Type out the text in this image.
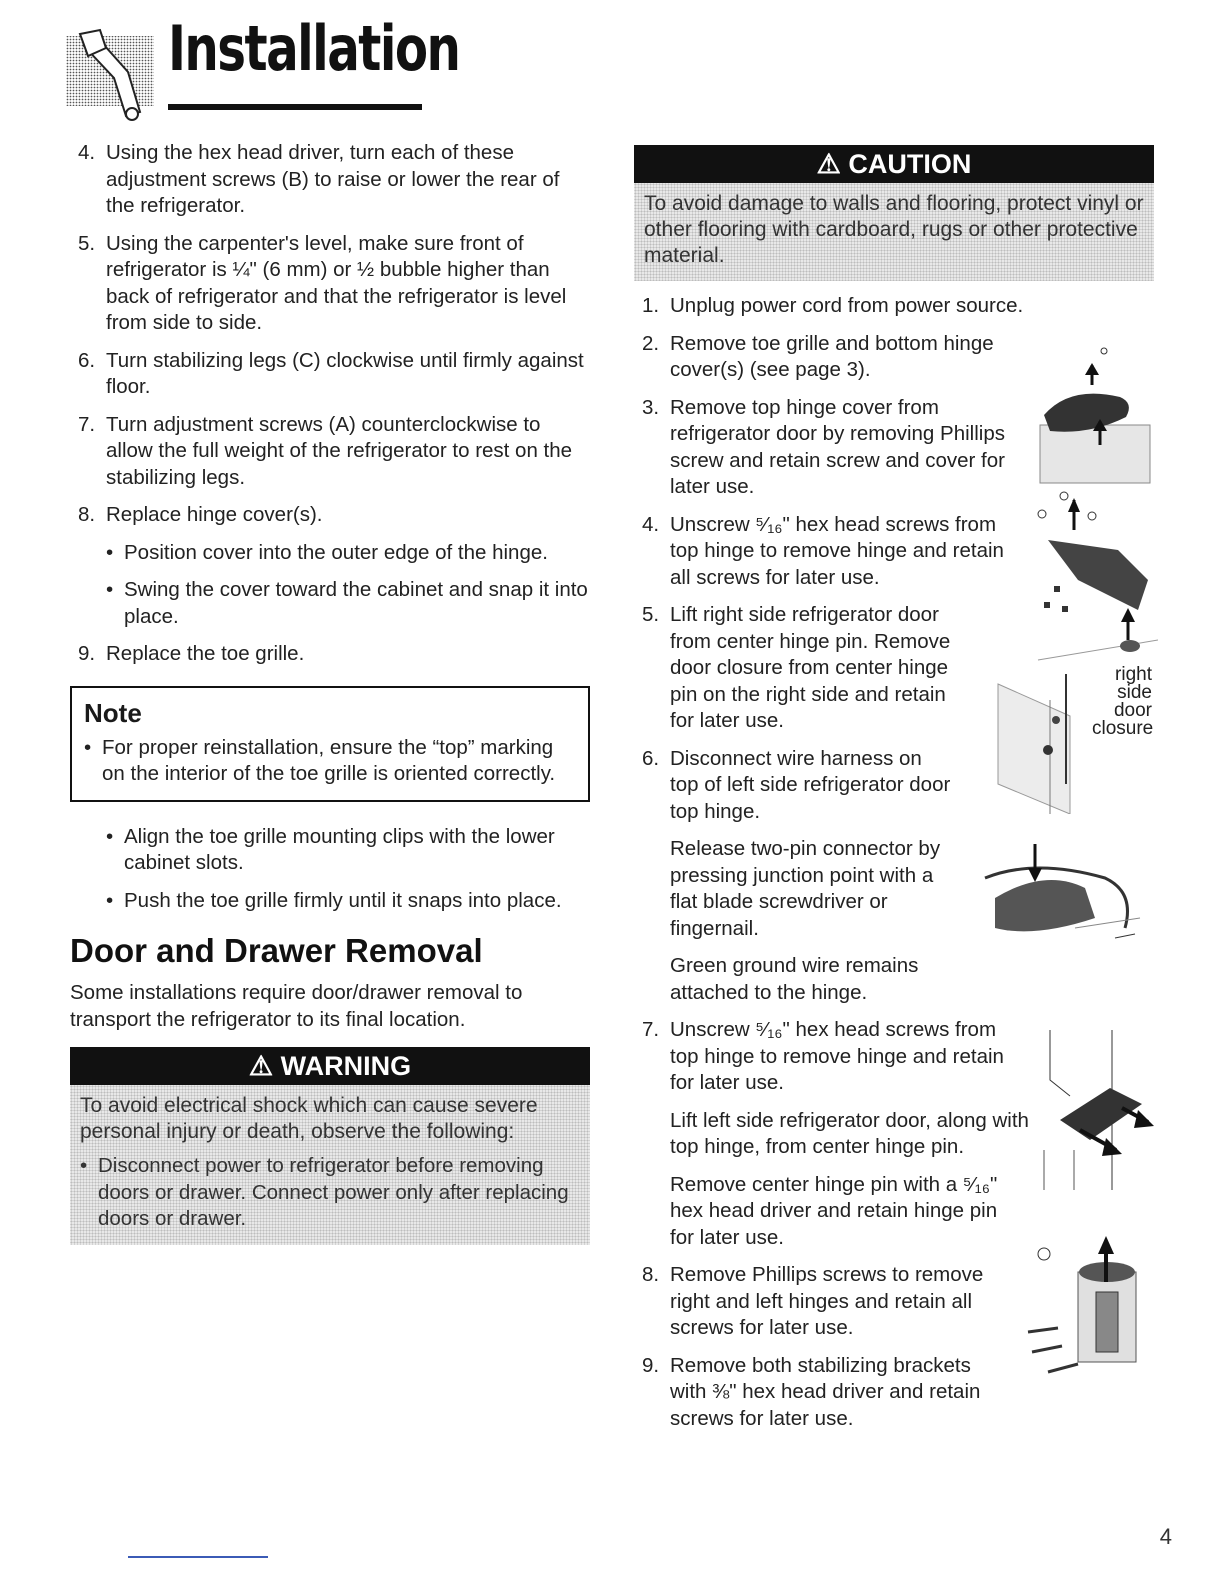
Installation
4. Using the hex head driver, turn each of these adjustment screws (B) to raise or lower the rear of the refrigerator.
5. Using the carpenter's level, make sure front of refrigerator is ¼" (6 mm) or ½ bubble higher than back of refrigerator and that the refrigerator is level from side to side.
6. Turn stabilizing legs (C) clockwise until firmly against floor.
7. Turn adjustment screws (A) counterclockwise to allow the full weight of the refrigerator to rest on the stabilizing legs.
8. Replace hinge cover(s).
• Position cover into the outer edge of the hinge.
• Swing the cover toward the cabinet and snap it into place.
9. Replace the toe grille.
Note
• For proper reinstallation, ensure the “top” marking on the interior of the toe grille is oriented correctly.
• Align the toe grille mounting clips with the lower cabinet slots.
• Push the toe grille firmly until it snaps into place.
Door and Drawer Removal
Some installations require door/drawer removal to transport the refrigerator to its final location.
⚠ WARNING
To avoid electrical shock which can cause severe personal injury or death, observe the following:
• Disconnect power to refrigerator before removing doors or drawer. Connect power only after replacing doors or drawer.
⚠ CAUTION
To avoid damage to walls and flooring, protect vinyl or other flooring with cardboard, rugs or other protective material.
1. Unplug power cord from power source.
2. Remove toe grille and bottom hinge cover(s) (see page 3).
3. Remove top hinge cover from refrigerator door by removing Phillips screw and retain screw and cover for later use.
4. Unscrew ⁵⁄₁₆" hex head screws from top hinge to remove hinge and retain all screws for later use.
5. Lift right side refrigerator door from center hinge pin. Remove door closure from center hinge pin on the right side and retain for later use.
6. Disconnect wire harness on top of left side refrigerator door top hinge.
Release two-pin connector by pressing junction point with a flat blade screwdriver or fingernail.
Green ground wire remains attached to the hinge.
7. Unscrew ⁵⁄₁₆" hex head screws from top hinge to remove hinge and retain for later use.
Lift left side refrigerator door, along with top hinge, from center hinge pin.
Remove center hinge pin with a ⁵⁄₁₆" hex head driver and retain hinge pin for later use.
8. Remove Phillips screws to remove right and left hinges and retain all screws for later use.
9. Remove both stabilizing brackets with ⅜" hex head driver and retain screws for later use.
right
side
door
closure
4
